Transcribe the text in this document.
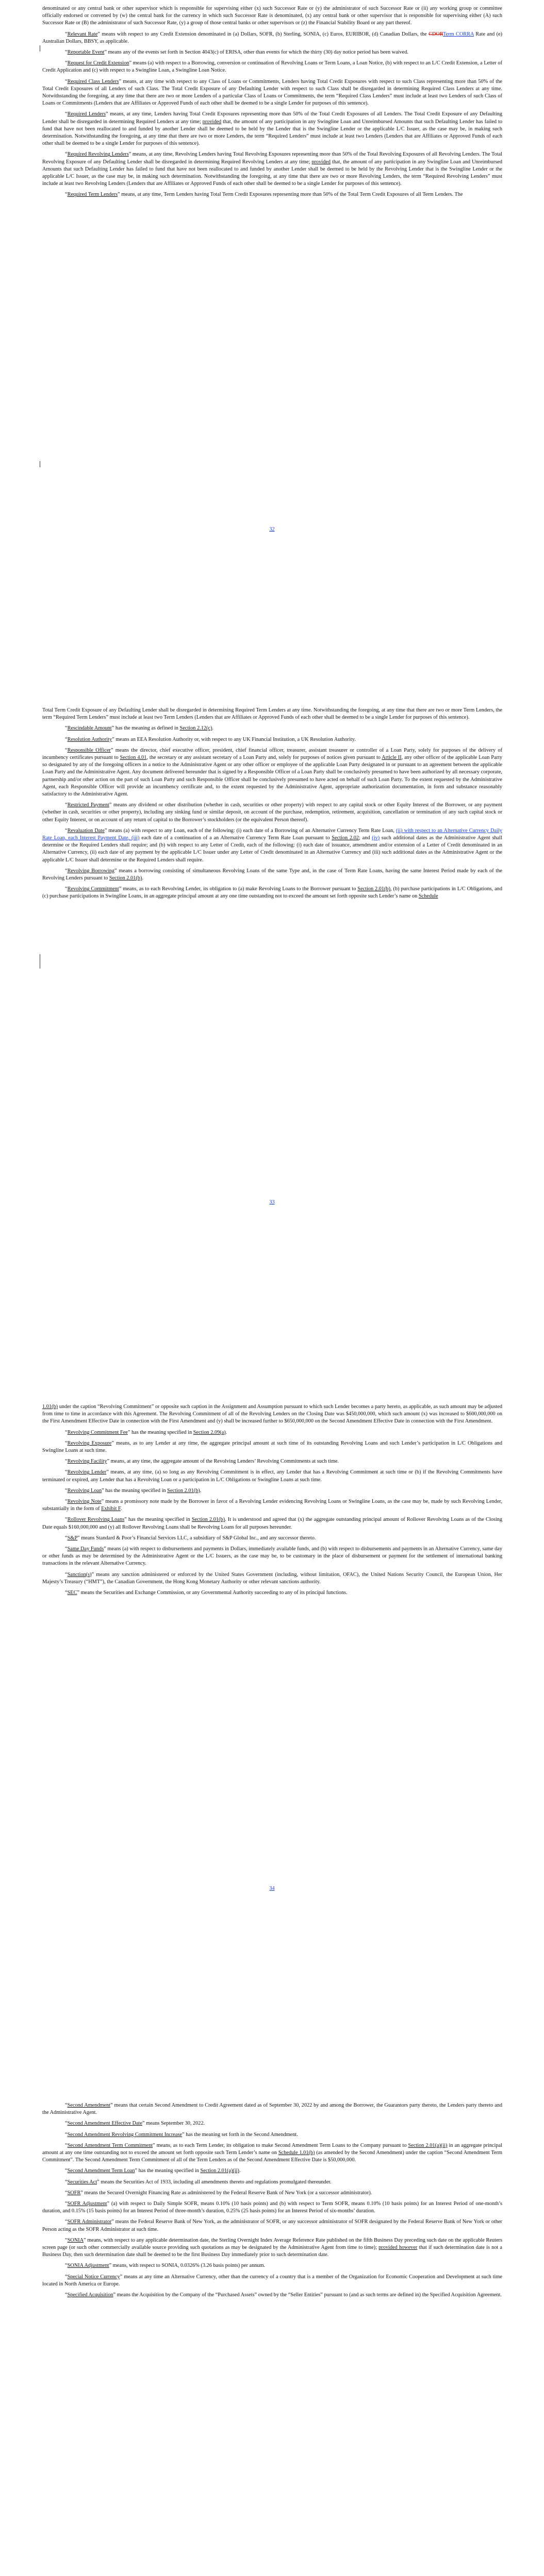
denominated or any central bank or other supervisor which is responsible for supervising either (x) such Successor Rate or (y) the administrator of such Successor Rate or (ii) any working group or committee officially endorsed or convened by (w) the central bank for the currency in which such Successor Rate is denominated, (x) any central bank or other supervisor that is responsible for supervising either (A) such Successor Rate or (B) the administrator of such Successor Rate, (y) a group of those central banks or other supervisors or (z) the Financial Stability Board or any part thereof.

“Relevant Rate” means with respect to any Credit Extension denominated in (a) Dollars, SOFR, (b) Sterling, SONIA, (c) Euros, EURIBOR, (d) Canadian Dollars, the CDORTerm CORRA Rate and (e) Australian Dollars, BBSY, as applicable.

“Reportable Event” means any of the events set forth in Section 4043(c) of ERISA, other than events for which the thirty (30) day notice period has been waived.

“Request for Credit Extension” means (a) with respect to a Borrowing, conversion or continuation of Revolving Loans or Term Loans, a Loan Notice, (b) with respect to an L/C Credit Extension, a Letter of Credit Application and (c) with respect to a Swingline Loan, a Swingline Loan Notice.

“Required Class Lenders” means, at any time with respect to any Class of Loans or Commitments, Lenders having Total Credit Exposures with respect to such Class representing more than 50% of the Total Credit Exposures of all Lenders of such Class. The Total Credit Exposure of any Defaulting Lender with respect to such Class shall be disregarded in determining Required Class Lenders at any time. Notwithstanding the foregoing, at any time that there are two or more Lenders of a particular Class of Loans or Commitments, the term “Required Class Lenders” must include at least two Lenders of such Class of Loans or Commitments (Lenders that are Affiliates or Approved Funds of each other shall be deemed to be a single Lender for purposes of this sentence).

“Required Lenders” means, at any time, Lenders having Total Credit Exposures representing more than 50% of the Total Credit Exposures of all Lenders. The Total Credit Exposure of any Defaulting Lender shall be disregarded in determining Required Lenders at any time; provided that, the amount of any participation in any Swingline Loan and Unreimbursed Amounts that such Defaulting Lender has failed to fund that have not been reallocated to and funded by another Lender shall be deemed to be held by the Lender that is the Swingline Lender or the applicable L/C Issuer, as the case may be, in making such determination. Notwithstanding the foregoing, at any time that there are two or more Lenders, the term “Required Lenders” must include at least two Lenders (Lenders that are Affiliates or Approved Funds of each other shall be deemed to be a single Lender for purposes of this sentence).

“Required Revolving Lenders” means, at any time, Revolving Lenders having Total Revolving Exposures representing more than 50% of the Total Revolving Exposures of all Revolving Lenders. The Total Revolving Exposure of any Defaulting Lender shall be disregarded in determining Required Revolving Lenders at any time; provided that, the amount of any participation in any Swingline Loan and Unreimbursed Amounts that such Defaulting Lender has failed to fund that have not been reallocated to and funded by another Lender shall be deemed to be held by the Revolving Lender that is the Swingline Lender or the applicable L/C Issuer, as the case may be, in making such determination. Notwithstanding the foregoing, at any time that there are two or more Revolving Lenders, the term “Required Revolving Lenders” must include at least two Revolving Lenders (Lenders that are Affiliates or Approved Funds of each other shall be deemed to be a single Lender for purposes of this sentence).

“Required Term Lenders” means, at any time, Term Lenders having Total Term Credit Exposures representing more than 50% of the Total Term Credit Exposures of all Term Lenders. The

32

Total Term Credit Exposure of any Defaulting Lender shall be disregarded in determining Required Term Lenders at any time. Notwithstanding the foregoing, at any time that there are two or more Term Lenders, the term “Required Term Lenders” must include at least two Term Lenders (Lenders that are Affiliates or Approved Funds of each other shall be deemed to be a single Lender for purposes of this sentence).

“Rescindable Amount” has the meaning as defined in Section 2.12(c).

“Resolution Authority” means an EEA Resolution Authority or, with respect to any UK Financial Institution, a UK Resolution Authority.

“Responsible Officer” means the director, chief executive officer, president, chief financial officer, treasurer, assistant treasurer or controller of a Loan Party, solely for purposes of the delivery of incumbency certificates pursuant to Section 4.01, the secretary or any assistant secretary of a Loan Party and, solely for purposes of notices given pursuant to Article II, any other officer of the applicable Loan Party so designated by any of the foregoing officers in a notice to the Administrative Agent or any other officer or employee of the applicable Loan Party designated in or pursuant to an agreement between the applicable Loan Party and the Administrative Agent. Any document delivered hereunder that is signed by a Responsible Officer of a Loan Party shall be conclusively presumed to have been authorized by all necessary corporate, partnership and/or other action on the part of such Loan Party and such Responsible Officer shall be conclusively presumed to have acted on behalf of such Loan Party. To the extent requested by the Administrative Agent, each Responsible Officer will provide an incumbency certificate and, to the extent requested by the Administrative Agent, appropriate authorization documentation, in form and substance reasonably satisfactory to the Administrative Agent.

“Restricted Payment” means any dividend or other distribution (whether in cash, securities or other property) with respect to any capital stock or other Equity Interest of the Borrower, or any payment (whether in cash, securities or other property), including any sinking fund or similar deposit, on account of the purchase, redemption, retirement, acquisition, cancellation or termination of any such capital stock or other Equity Interest, or on account of any return of capital to the Borrower’s stockholders (or the equivalent Person thereof).

“Revaluation Date” means (a) with respect to any Loan, each of the following: (i) each date of a Borrowing of an Alternative Currency Term Rate Loan, (ii) with respect to an Alternative Currency Daily Rate Loan, each Interest Payment Date, (iii) each date of a continuation of a an Alternative Currency Term Rate Loan pursuant to Section 2.02; and (iv) such additional dates as the Administrative Agent shall determine or the Required Lenders shall require; and (b) with respect to any Letter of Credit, each of the following: (i) each date of issuance, amendment and/or extension of a Letter of Credit denominated in an Alternative Currency, (ii) each date of any payment by the applicable L/C Issuer under any Letter of Credit denominated in an Alternative Currency and (iii) such additional dates as the Administrative Agent or the applicable L/C Issuer shall determine or the Required Lenders shall require.

“Revolving Borrowing” means a borrowing consisting of simultaneous Revolving Loans of the same Type and, in the case of Term Rate Loans, having the same Interest Period made by each of the Revolving Lenders pursuant to Section 2.01(b).

“Revolving Commitment” means, as to each Revolving Lender, its obligation to (a) make Revolving Loans to the Borrower pursuant to Section 2.01(b), (b) purchase participations in L/C Obligations, and (c) purchase participations in Swingline Loans, in an aggregate principal amount at any one time outstanding not to exceed the amount set forth opposite such Lender’s name on Schedule

33

1.01(b) under the caption “Revolving Commitment” or opposite such caption in the Assignment and Assumption pursuant to which such Lender becomes a party hereto, as applicable, as such amount may be adjusted from time to time in accordance with this Agreement. The Revolving Commitment of all of the Revolving Lenders on the Closing Date was $450,000,000, which such amount (x) was increased to $600,000,000 on the First Amendment Effective Date in connection with the First Amendment and (y) shall be increased further to $650,000,000 on the Second Amendment Effective Date in connection with the First Amendment.

“Revolving Commitment Fee” has the meaning specified in Section 2.09(a).

“Revolving Exposure” means, as to any Lender at any time, the aggregate principal amount at such time of its outstanding Revolving Loans and such Lender’s participation in L/C Obligations and Swingline Loans at such time.

“Revolving Facility” means, at any time, the aggregate amount of the Revolving Lenders’ Revolving Commitments at such time.

“Revolving Lender” means, at any time, (a) so long as any Revolving Commitment is in effect, any Lender that has a Revolving Commitment at such time or (b) if the Revolving Commitments have terminated or expired, any Lender that has a Revolving Loan or a participation in L/C Obligations or Swingline Loans at such time.

“Revolving Loan” has the meaning specified in Section 2.01(b).

“Revolving Note” means a promissory note made by the Borrower in favor of a Revolving Lender evidencing Revolving Loans or Swingline Loans, as the case may be, made by such Revolving Lender, substantially in the form of Exhibit F.

“Rollover Revolving Loans” has the meaning specified in Section 2.01(b). It is understood and agreed that (x) the aggregate outstanding principal amount of Rollover Revolving Loans as of the Closing Date equals $160,000,000 and (y) all Rollover Revolving Loans shall be Revolving Loans for all purposes hereunder.

“S&P” means Standard & Poor’s Financial Services LLC, a subsidiary of S&P Global Inc., and any successor thereto.

“Same Day Funds” means (a) with respect to disbursements and payments in Dollars, immediately available funds, and (b) with respect to disbursements and payments in an Alternative Currency, same day or other funds as may be determined by the Administrative Agent or the L/C Issuers, as the case may be, to be customary in the place of disbursement or payment for the settlement of international banking transactions in the relevant Alternative Currency.

“Sanction(s)” means any sanction administered or enforced by the United States Government (including, without limitation, OFAC), the United Nations Security Council, the European Union, Her Majesty’s Treasury (“HMT”), the Canadian Government, the Hong Kong Monetary Authority or other relevant sanctions authority.

“SEC” means the Securities and Exchange Commission, or any Governmental Authority succeeding to any of its principal functions.

34

“Second Amendment” means that certain Second Amendment to Credit Agreement dated as of September 30, 2022 by and among the Borrower, the Guarantors party thereto, the Lenders party thereto and the Administrative Agent.

“Second Amendment Effective Date” means September 30, 2022.

“Second Amendment Revolving Commitment Increase” has the meaning set forth in the Second Amendment.

“Second Amendment Term Commitment” means, as to each Term Lender, its obligation to make Second Amendment Term Loans to the Company pursuant to Section 2.01(a)(ii) in an aggregate principal amount at any one time outstanding not to exceed the amount set forth opposite such Term Lender’s name on Schedule 1.01(b) (as amended by the Second Amendment) under the caption “Second Amendment Term Commitment”. The Second Amendment Term Commitment of all of the Term Lenders as of the Second Amendment Effective Date is $50,000,000.

“Second Amendment Term Loan” has the meaning specified in Section 2.01(a)(ii).

“Securities Act” means the Securities Act of 1933, including all amendments thereto and regulations promulgated thereunder.

“SOFR” means the Secured Overnight Financing Rate as administered by the Federal Reserve Bank of New York (or a successor administrator).

“SOFR Adjustment” (a) with respect to Daily Simple SOFR, means 0.10% (10 basis points) and (b) with respect to Term SOFR, means 0.10% (10 basis points) for an Interest Period of one-month’s duration, and 0.15% (15 basis points) for an Interest Period of three-month’s duration, 0.25% (25 basis points) for an Interest Period of six-months’ duration.

“SOFR Administrator” means the Federal Reserve Bank of New York, as the administrator of SOFR, or any successor administrator of SOFR designated by the Federal Reserve Bank of New York or other Person acting as the SOFR Administrator at such time.

“SONIA” means, with respect to any applicable determination date, the Sterling Overnight Index Average Reference Rate published on the fifth Business Day preceding such date on the applicable Reuters screen page (or such other commercially available source providing such quotations as may be designated by the Administrative Agent from time to time); provided however that if such determination date is not a Business Day, then such determination date shall be deemed to be the first Business Day immediately prior to such determination date.

“SONIA Adjustment” means, with respect to SONIA, 0.0326% (3.26 basis points) per annum.

“Special Notice Currency” means at any time an Alternative Currency, other than the currency of a country that is a member of the Organization for Economic Cooperation and Development at such time located in North America or Europe.

“Specified Acquisition” means the Acquisition by the Company of the “Purchased Assets” owned by the “Seller Entities” pursuant to (and as such terms are defined in) the Specified Acquisition Agreement.
